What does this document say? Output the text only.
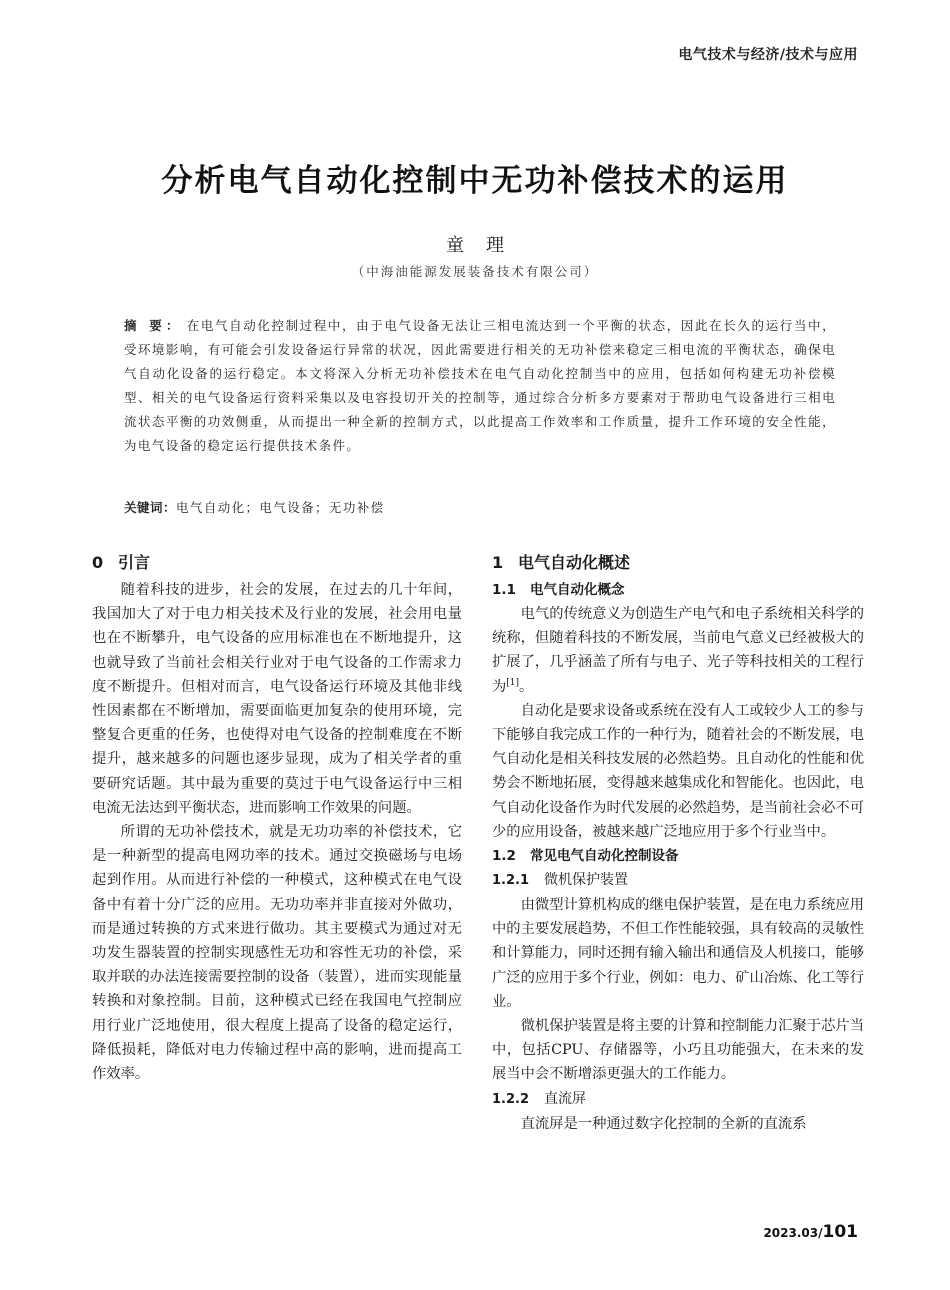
电气技术与经济/技术与应用
分析电气自动化控制中无功补偿技术的运用
童理
（中海油能源发展装备技术有限公司）
摘 要： 在电气自动化控制过程中，由于电气设备无法让三相电流达到一个平衡的状态，因此在长久的运行当中，受环境影响，有可能会引发设备运行异常的状况，因此需要进行相关的无功补偿来稳定三相电流的平衡状态，确保电气自动化设备的运行稳定。本文将深入分析无功补偿技术在电气自动化控制当中的应用，包括如何构建无功补偿模型、相关的电气设备运行资料采集以及电容投切开关的控制等，通过综合分析多方要素对于帮助电气设备进行三相电流状态平衡的功效侧重，从而提出一种全新的控制方式，以此提高工作效率和工作质量，提升工作环境的安全性能，为电气设备的稳定运行提供技术条件。
关键词：电气自动化；电气设备；无功补偿
0 引言

随着科技的进步，社会的发展，在过去的几十年间，我国加大了对于电力相关技术及行业的发展，社会用电量也在不断攀升，电气设备的应用标准也在不断地提升，这也就导致了当前社会相关行业对于电气设备的工作需求力度不断提升。但相对而言，电气设备运行环境及其他非线性因素都在不断增加，需要面临更加复杂的使用环境，完整复合更重的任务，也使得对电气设备的控制难度在不断提升，越来越多的问题也逐步显现，成为了相关学者的重要研究话题。其中最为重要的莫过于电气设备运行中三相电流无法达到平衡状态，进而影响工作效果的问题。

所谓的无功补偿技术，就是无功功率的补偿技术，它是一种新型的提高电网功率的技术。通过交换磁场与电场起到作用。从而进行补偿的一种模式，这种模式在电气设备中有着十分广泛的应用。无功功率并非直接对外做功，而是通过转换的方式来进行做功。其主要模式为通过对无功发生器装置的控制实现感性无功和容性无功的补偿，采取并联的办法连接需要控制的设备（装置），进而实现能量转换和对象控制。目前，这种模式已经在我国电气控制应用行业广泛地使用，很大程度上提高了设备的稳定运行，降低损耗，降低对电力传输过程中高的影响，进而提高工作效率。

1 电气自动化概述
1.1 电气自动化概念

电气的传统意义为创造生产电气和电子系统相关科学的统称，但随着科技的不断发展，当前电气意义已经被极大的扩展了，几乎涵盖了所有与电子、光子等科技相关的工程行为[1]。

自动化是要求设备或系统在没有人工或较少人工的参与下能够自我完成工作的一种行为，随着社会的不断发展，电气自动化是相关科技发展的必然趋势。且自动化的性能和优势会不断地拓展，变得越来越集成化和智能化。也因此，电气自动化设备作为时代发展的必然趋势，是当前社会必不可少的应用设备，被越来越广泛地应用于多个行业当中。

1.2 常见电气自动化控制设备
1.2.1 微机保护装置

由微型计算机构成的继电保护装置，是在电力系统应用中的主要发展趋势，不但工作性能较强，具有较高的灵敏性和计算能力，同时还拥有输入输出和通信及人机接口，能够广泛的应用于多个行业，例如：电力、矿山冶炼、化工等行业。

微机保护装置是将主要的计算和控制能力汇聚于芯片当中，包括CPU、存储器等，小巧且功能强大，在未来的发展当中会不断增添更强大的工作能力。

1.2.2 直流屏

直流屏是一种通过数字化控制的全新的直流系

2023.03/101
